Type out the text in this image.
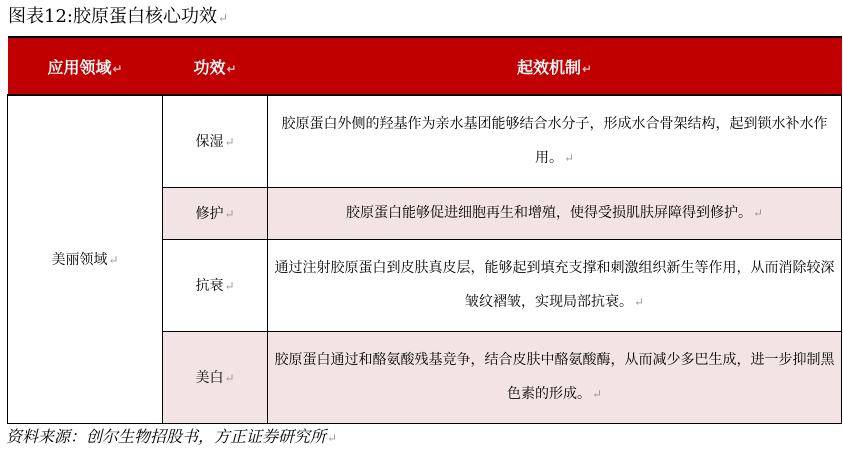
图表12:胶原蛋白核心功效↵
应用领域↵	功效↵	起效机制↵
美丽领域↵	保湿↵	胶原蛋白外侧的羟基作为亲水基团能够结合水分子，形成水合骨架结构，起到锁水补水作用。↵
	修护↵	胶原蛋白能够促进细胞再生和增殖，使得受损肌肤屏障得到修护。↵
	抗衰↵	通过注射胶原蛋白到皮肤真皮层，能够起到填充支撑和刺激组织新生等作用，从而消除较深皱纹褶皱，实现局部抗衰。↵
	美白↵	胶原蛋白通过和酪氨酸残基竞争，结合皮肤中酪氨酸酶，从而减少多巴生成，进一步抑制黑色素的形成。↵
资料来源：创尔生物招股书，方正证券研究所↵
